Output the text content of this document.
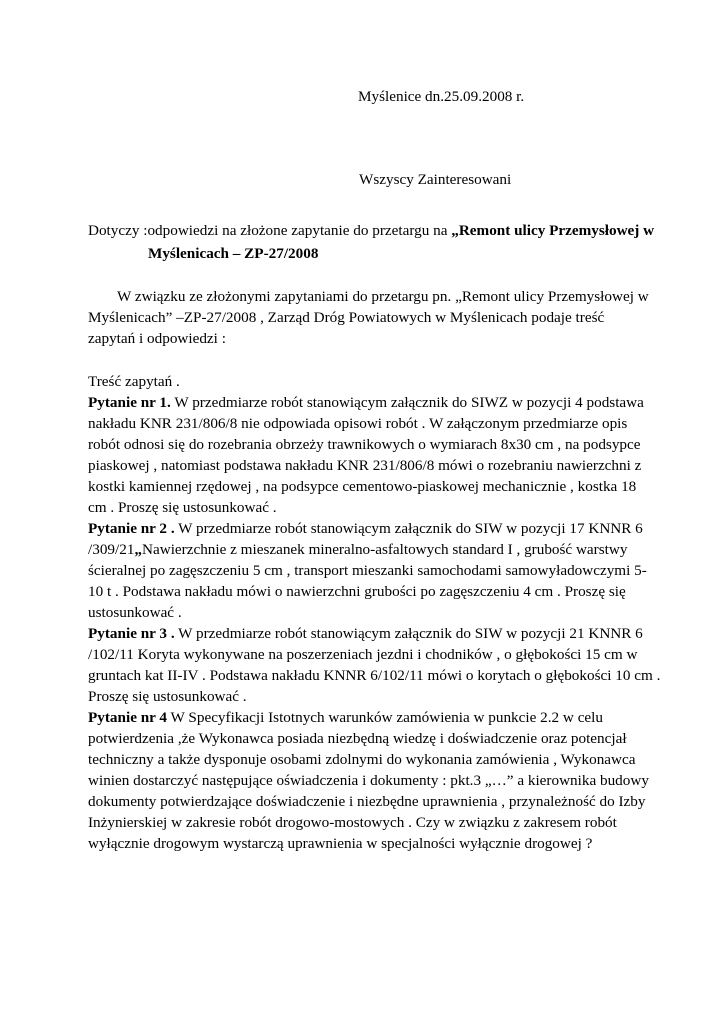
Myślenice dn.25.09.2008 r.
Wszyscy Zainteresowani
Dotyczy :odpowiedzi na złożone zapytanie do przetargu na „Remont ulicy Przemysłowej w
Myślenicach – ZP-27/2008
W związku ze złożonymi zapytaniami do przetargu pn. „Remont ulicy Przemysłowej w
Myślenicach” –ZP-27/2008 , Zarząd Dróg Powiatowych w Myślenicach podaje treść
zapytań i odpowiedzi :
Treść zapytań .
Pytanie nr 1. W przedmiarze robót stanowiącym załącznik do SIWZ w pozycji 4 podstawa
nakładu KNR 231/806/8 nie odpowiada opisowi robót . W załączonym przedmiarze opis
robót odnosi się do rozebrania obrzeży trawnikowych o wymiarach 8x30 cm , na podsypce
piaskowej , natomiast podstawa nakładu KNR 231/806/8 mówi o rozebraniu nawierzchni z
kostki kamiennej rzędowej , na podsypce cementowo-piaskowej mechanicznie , kostka 18
cm . Proszę się ustosunkować .
Pytanie nr 2 . W przedmiarze robót stanowiącym załącznik do SIW w pozycji 17 KNNR 6
/309/21„Nawierzchnie z mieszanek mineralno-asfaltowych standard I , grubość warstwy
ścieralnej po zagęszczeniu 5 cm , transport mieszanki samochodami samowyładowczymi 5-
10 t . Podstawa nakładu mówi o nawierzchni grubości po zagęszczeniu 4 cm . Proszę się
ustosunkować .
Pytanie nr 3 . W przedmiarze robót stanowiącym załącznik do SIW w pozycji 21 KNNR 6
/102/11 Koryta wykonywane na poszerzeniach jezdni i chodników , o głębokości 15 cm w
gruntach kat II-IV . Podstawa nakładu KNNR 6/102/11 mówi o korytach o głębokości 10 cm .
Proszę się ustosunkować .
Pytanie nr 4 W Specyfikacji Istotnych warunków zamówienia w punkcie 2.2 w celu
potwierdzenia ,że Wykonawca posiada niezbędną wiedzę i doświadczenie oraz potencjał
techniczny a także dysponuje osobami zdolnymi do wykonania zamówienia , Wykonawca
winien dostarczyć następujące oświadczenia i dokumenty : pkt.3 „…” a kierownika budowy
dokumenty potwierdzające doświadczenie i niezbędne uprawnienia , przynależność do Izby
Inżynierskiej w zakresie robót drogowo-mostowych . Czy w związku z zakresem robót
wyłącznie drogowym wystarczą uprawnienia w specjalności wyłącznie drogowej ?
